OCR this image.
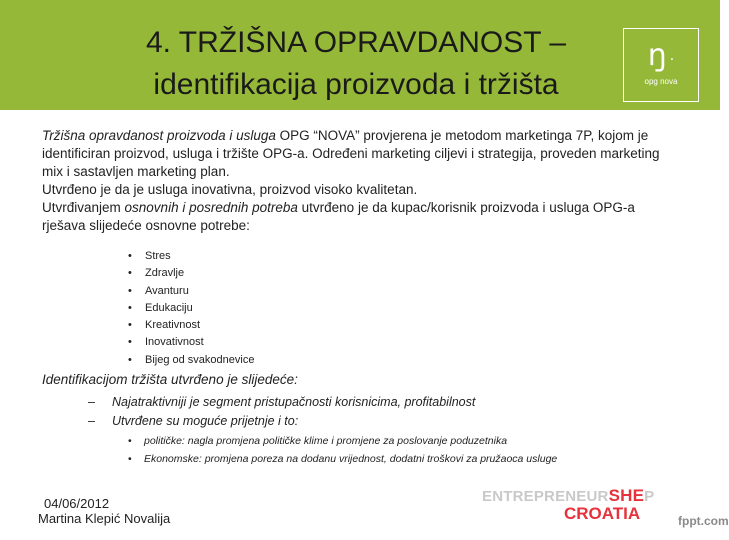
4. TRŽIŠNA OPRAVDANOST –
identifikacija proizvoda i tržišta
ŋ .
opg nova

Tržišna opravdanost proizvoda i usluga OPG “NOVA” provjerena je metodom marketinga 7P, kojom je identificiran proizvod, usluga i tržište OPG-a. Određeni marketing ciljevi i strategija, proveden marketing mix i sastavljen marketing plan.

Utvrđeno je da je usluga inovativna, proizvod visoko kvalitetan.

Utvrđivanjem osnovnih i posrednih potreba utvrđeno je da kupac/korisnik proizvoda i usluga OPG-a rješava slijedeće osnovne potrebe:

• Stres
• Zdravlje
• Avanturu
• Edukaciju
• Kreativnost
• Inovativnost
• Bijeg od svakodnevice
Identifikacijom tržišta utvrđeno je slijedeće:
– Najatraktivniji je segment pristupačnosti korisnicima, profitabilnost
– Utvrđene su moguće prijetnje i to:
• političke: nagla promjena političke klime i promjene za poslovanje poduzetnika
• Ekonomske: promjena poreza na dodanu vrijednost, dodatni troškovi za pružaoca usluge
04/06/2012
Martina Klepić Novalija
ENTREPRENEURSHEP
CROATIA	fppt.com
